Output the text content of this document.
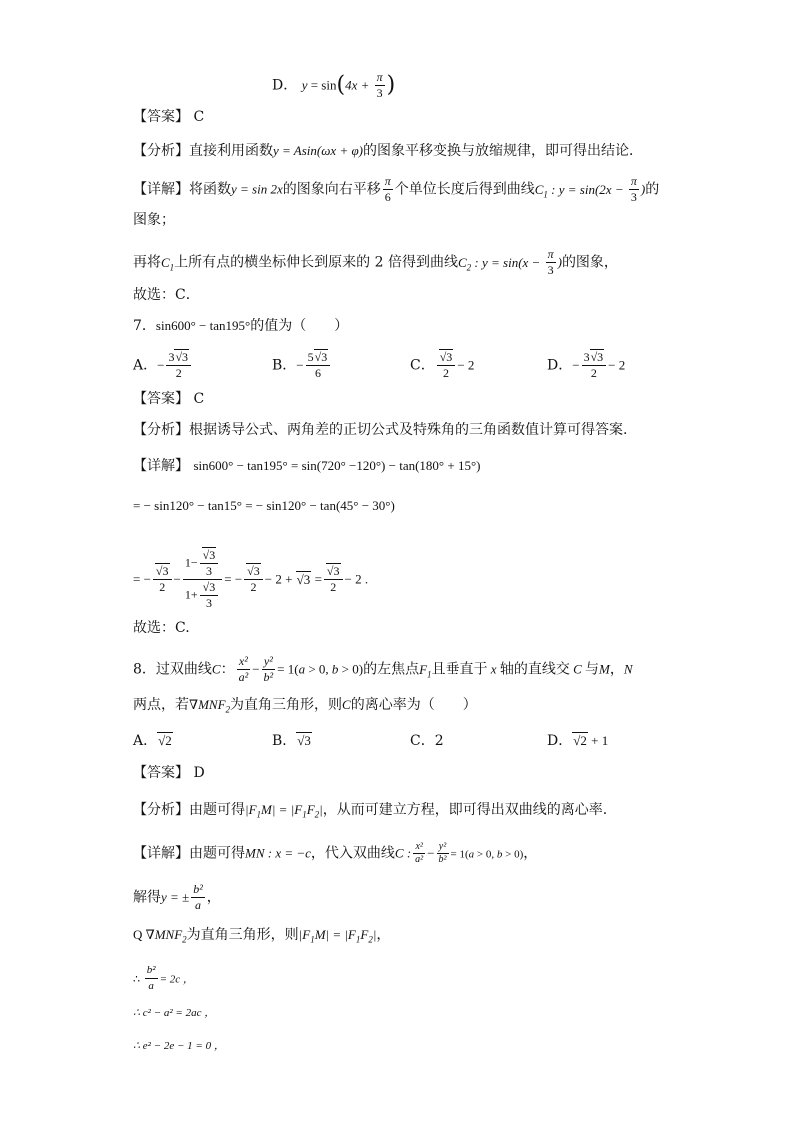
D． $y = \sin(4x + \frac{\pi}{3}$ )
【答案】 C
【分析】直接利用函数y = Asin(ωx + φ)的图象平移变换与放缩规律，即可得出结论．
【详解】将函数y = sin 2x的图象向右平移 $\frac{\pi}{6}$ 个单位长度后得到曲线$C_1$ : $y = \sin(2x - \frac{\pi}{3}$ )的
图象；
再将$C_1$上所有点的横坐标伸长到原来的 2 倍得到曲线$C_2$ : $y = \sin(x - \frac{\pi}{3}$ )的图象，
故选：C．
7．sin600° − tan195°的值为（　　）
A．− $\frac{3√3}{2}$	B．− $\frac{5√3}{6}$	C． $\frac{√3}{2} - 2$	D．− $\frac{3√3}{2} - 2$
【答案】 C
【分析】根据诱导公式、两角差的正切公式及特殊角的三角函数值计算可得答案.
【详解】 sin600° − tan195° = sin(720° −120°) − tan(180° + 15°)
= − sin120° − tan15° = − sin120° − tan(45° − 30°)
= − $\frac{√3}{2} - \frac{1- \frac{√3}{3}}{1+ \frac{√3}{3}}$ = − $\frac{√3}{2} - 2 + √3 = \frac{√3}{2} - 2$ .
故选：C.
8．过双曲线C： $\frac{\text{x²}}{\text{a²}} - \frac{\text{y²}}{\text{b²}} = 1(a > 0$, b > 0)的左焦点$F_1$且垂直于 x 轴的直线交 C 与M，N
两点，若$\nabla MNF_2$为直角三角形，则C的离心率为（　　）
A．√2	B．√3	C．2	D．√2 + 1
【答案】 D
【分析】由题可得$|F_1M| = |F_1F_2|$，从而可建立方程，即可得出双曲线的离心率.
【详解】由题可得MN : x = −c，代入双曲线C : $\frac{\text{x²}}{\text{a²}} - \frac{\text{y²}}{\text{b²}} = 1(a > 0$, b > 0)，
解得y = ± $\frac{\text{b²}}{a}$ ，
Q $\nabla MNF_2$为直角三角形，则$|F_1M| = |F_1F_2|$，
∴ $\frac{\text{b²}}{a} = 2c$ ，
∴ c² − a² = 2ac ，
∴ e² − 2e − 1 = 0 ，
